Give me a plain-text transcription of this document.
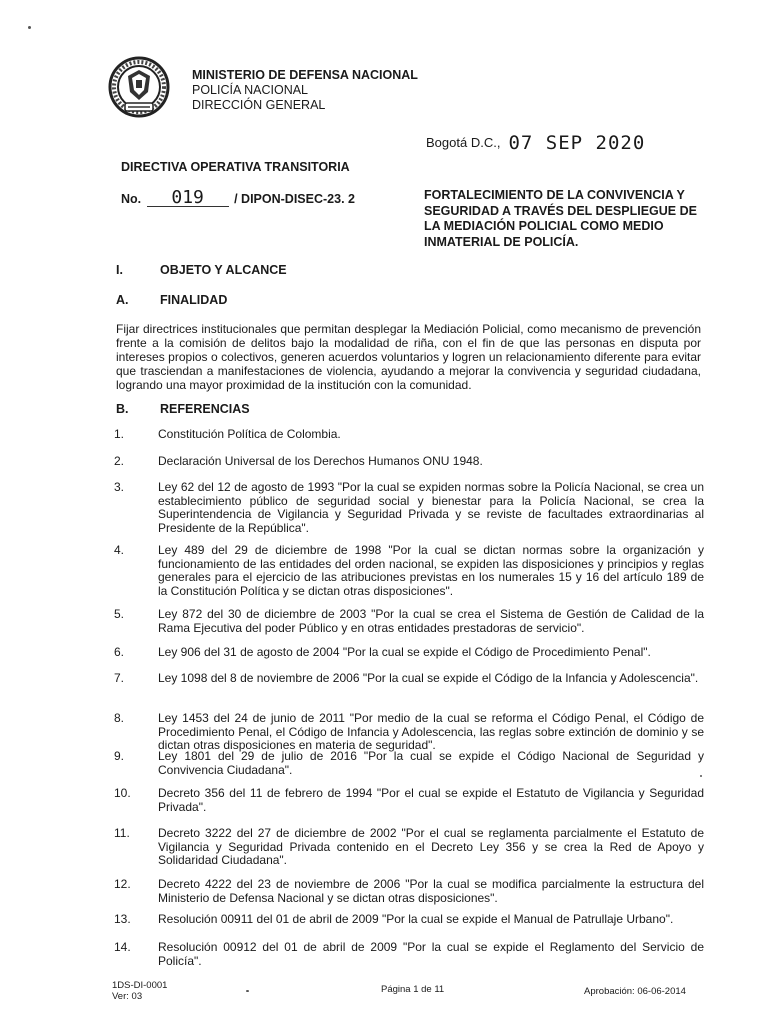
MINISTERIO DE DEFENSA NACIONAL
POLICÍA NACIONAL
DIRECCIÓN GENERAL
Bogotá D.C., 07 SEP 2020
DIRECTIVA OPERATIVA TRANSITORIA
No. 019 / DIPON-DISEC-23. 2	FORTALECIMIENTO DE LA CONVIVENCIA Y SEGURIDAD A TRAVÉS DEL DESPLIEGUE DE LA MEDIACIÓN POLICIAL COMO MEDIO INMATERIAL DE POLICÍA.
I.	OBJETO Y ALCANCE
A.	FINALIDAD
Fijar directrices institucionales que permitan desplegar la Mediación Policial, como mecanismo de prevención frente a la comisión de delitos bajo la modalidad de riña, con el fin de que las personas en disputa por intereses propios o colectivos, generen acuerdos voluntarios y logren un relacionamiento diferente para evitar que trasciendan a manifestaciones de violencia, ayudando a mejorar la convivencia y seguridad ciudadana, logrando una mayor proximidad de la institución con la comunidad.
B.	REFERENCIAS
1.	Constitución Política de Colombia.
2.	Declaración Universal de los Derechos Humanos ONU 1948.
3.	Ley 62 del 12 de agosto de 1993 "Por la cual se expiden normas sobre la Policía Nacional, se crea un establecimiento público de seguridad social y bienestar para la Policía Nacional, se crea la Superintendencia de Vigilancia y Seguridad Privada y se reviste de facultades extraordinarias al Presidente de la República".
4.	Ley 489 del 29 de diciembre de 1998 "Por la cual se dictan normas sobre la organización y funcionamiento de las entidades del orden nacional, se expiden las disposiciones y principios y reglas generales para el ejercicio de las atribuciones previstas en los numerales 15 y 16 del artículo 189 de la Constitución Política y se dictan otras disposiciones".
5.	Ley 872 del 30 de diciembre de 2003 "Por la cual se crea el Sistema de Gestión de Calidad de la Rama Ejecutiva del poder Público y en otras entidades prestadoras de servicio".
6.	Ley 906 del 31 de agosto de 2004 "Por la cual se expide el Código de Procedimiento Penal".
7.	Ley 1098 del 8 de noviembre de 2006 "Por la cual se expide el Código de la Infancia y Adolescencia".
8.	Ley 1453 del 24 de junio de 2011 "Por medio de la cual se reforma el Código Penal, el Código de Procedimiento Penal, el Código de Infancia y Adolescencia, las reglas sobre extinción de dominio y se dictan otras disposiciones en materia de seguridad".
9.	Ley 1801 del 29 de julio de 2016 "Por la cual se expide el Código Nacional de Seguridad y Convivencia Ciudadana".
10.	Decreto 356 del 11 de febrero de 1994 "Por el cual se expide el Estatuto de Vigilancia y Seguridad Privada".
11.	Decreto 3222 del 27 de diciembre de 2002 "Por el cual se reglamenta parcialmente el Estatuto de Vigilancia y Seguridad Privada contenido en el Decreto Ley 356 y se crea la Red de Apoyo y Solidaridad Ciudadana".
12.	Decreto 4222 del 23 de noviembre de 2006 "Por la cual se modifica parcialmente la estructura del Ministerio de Defensa Nacional y se dictan otras disposiciones".
13.	Resolución 00911 del 01 de abril de 2009 "Por la cual se expide el Manual de Patrullaje Urbano".
14.	Resolución 00912 del 01 de abril de 2009 "Por la cual se expide el Reglamento del Servicio de Policía".
1DS-DI-0001
Ver: 03
Página 1 de 11	Aprobación: 06-06-2014
